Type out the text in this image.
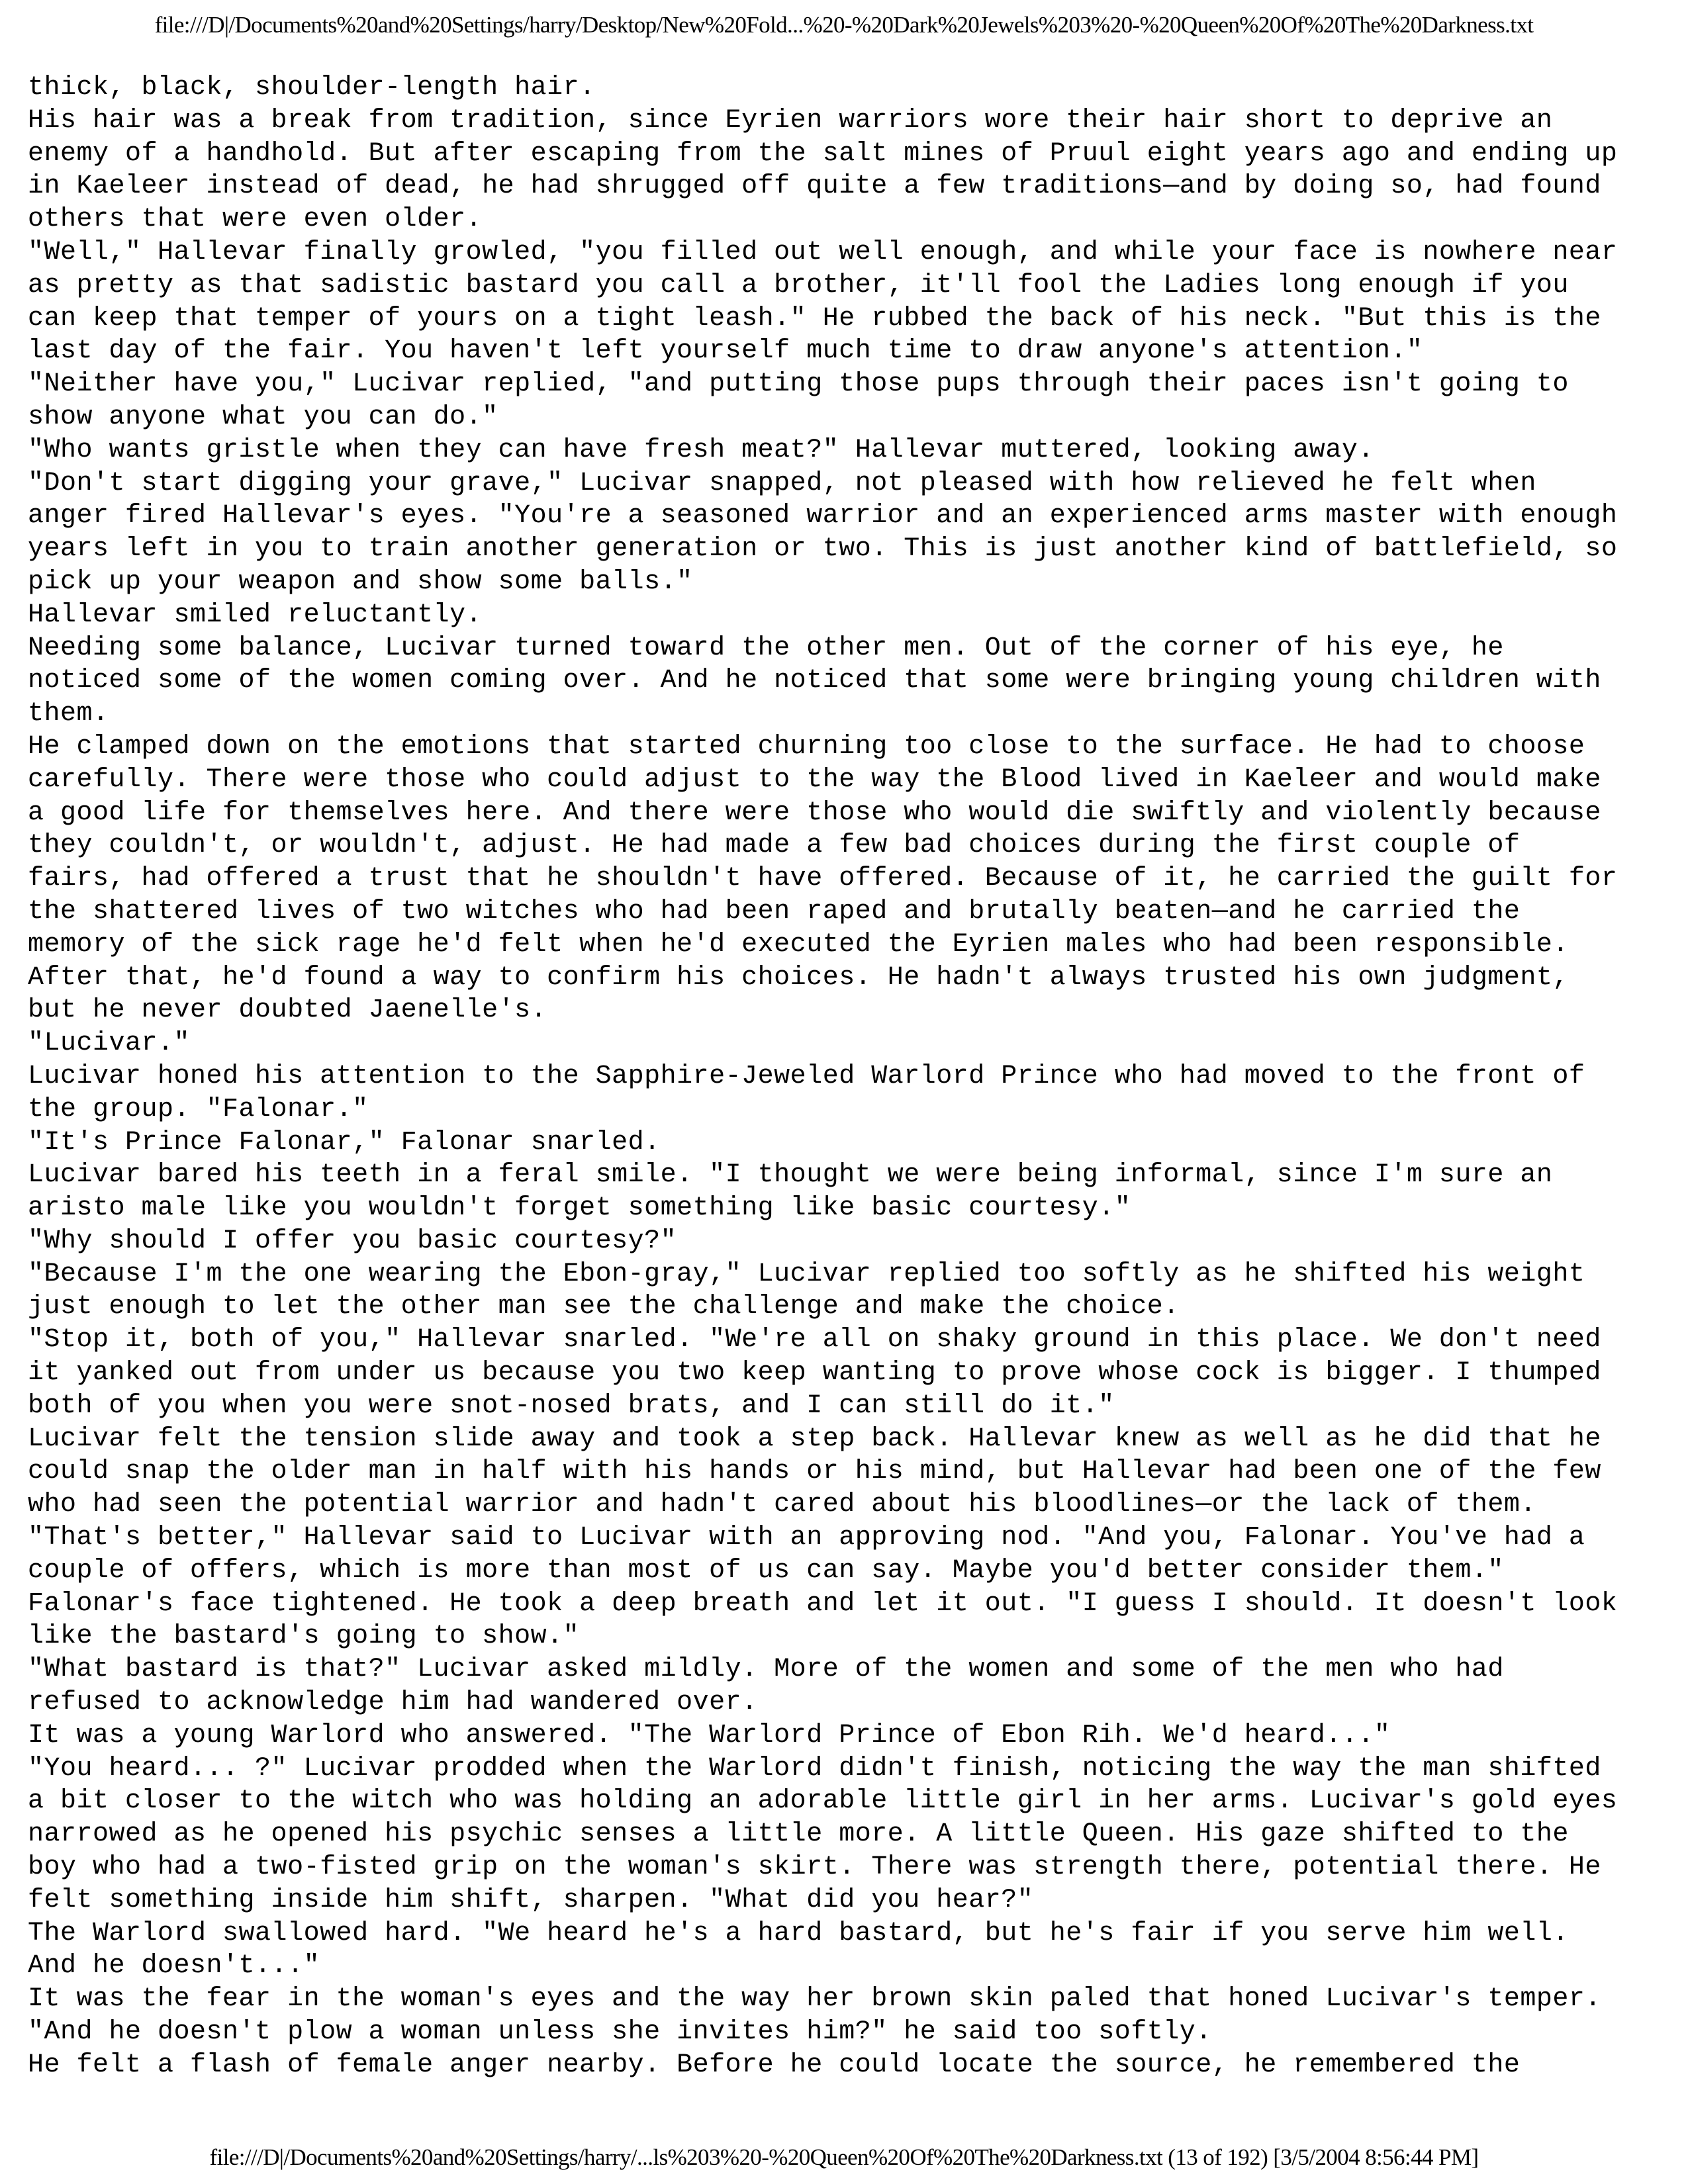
file:///D|/Documents%20and%20Settings/harry/Desktop/New%20Fold...%20-%20Dark%20Jewels%203%20-%20Queen%20Of%20The%20Darkness.txt
thick, black, shoulder-length hair.
His hair was a break from tradition, since Eyrien warriors wore their hair short to deprive an
enemy of a handhold. But after escaping from the salt mines of Pruul eight years ago and ending up
in Kaeleer instead of dead, he had shrugged off quite a few traditions—and by doing so, had found
others that were even older.
"Well," Hallevar finally growled, "you filled out well enough, and while your face is nowhere near
as pretty as that sadistic bastard you call a brother, it'll fool the Ladies long enough if you
can keep that temper of yours on a tight leash." He rubbed the back of his neck. "But this is the
last day of the fair. You haven't left yourself much time to draw anyone's attention."
"Neither have you," Lucivar replied, "and putting those pups through their paces isn't going to
show anyone what you can do."
"Who wants gristle when they can have fresh meat?" Hallevar muttered, looking away.
"Don't start digging your grave," Lucivar snapped, not pleased with how relieved he felt when
anger fired Hallevar's eyes. "You're a seasoned warrior and an experienced arms master with enough
years left in you to train another generation or two. This is just another kind of battlefield, so
pick up your weapon and show some balls."
Hallevar smiled reluctantly.
Needing some balance, Lucivar turned toward the other men. Out of the corner of his eye, he
noticed some of the women coming over. And he noticed that some were bringing young children with
them.
He clamped down on the emotions that started churning too close to the surface. He had to choose
carefully. There were those who could adjust to the way the Blood lived in Kaeleer and would make
a good life for themselves here. And there were those who would die swiftly and violently because
they couldn't, or wouldn't, adjust. He had made a few bad choices during the first couple of
fairs, had offered a trust that he shouldn't have offered. Because of it, he carried the guilt for
the shattered lives of two witches who had been raped and brutally beaten—and he carried the
memory of the sick rage he'd felt when he'd executed the Eyrien males who had been responsible.
After that, he'd found a way to confirm his choices. He hadn't always trusted his own judgment,
but he never doubted Jaenelle's.
"Lucivar."
Lucivar honed his attention to the Sapphire-Jeweled Warlord Prince who had moved to the front of
the group. "Falonar."
"It's Prince Falonar," Falonar snarled.
Lucivar bared his teeth in a feral smile. "I thought we were being informal, since I'm sure an
aristo male like you wouldn't forget something like basic courtesy."
"Why should I offer you basic courtesy?"
"Because I'm the one wearing the Ebon-gray," Lucivar replied too softly as he shifted his weight
just enough to let the other man see the challenge and make the choice.
"Stop it, both of you," Hallevar snarled. "We're all on shaky ground in this place. We don't need
it yanked out from under us because you two keep wanting to prove whose cock is bigger. I thumped
both of you when you were snot-nosed brats, and I can still do it."
Lucivar felt the tension slide away and took a step back. Hallevar knew as well as he did that he
could snap the older man in half with his hands or his mind, but Hallevar had been one of the few
who had seen the potential warrior and hadn't cared about his bloodlines—or the lack of them.
"That's better," Hallevar said to Lucivar with an approving nod. "And you, Falonar. You've had a
couple of offers, which is more than most of us can say. Maybe you'd better consider them."
Falonar's face tightened. He took a deep breath and let it out. "I guess I should. It doesn't look
like the bastard's going to show."
"What bastard is that?" Lucivar asked mildly. More of the women and some of the men who had
refused to acknowledge him had wandered over.
It was a young Warlord who answered. "The Warlord Prince of Ebon Rih. We'd heard..."
"You heard... ?" Lucivar prodded when the Warlord didn't finish, noticing the way the man shifted
a bit closer to the witch who was holding an adorable little girl in her arms. Lucivar's gold eyes
narrowed as he opened his psychic senses a little more. A little Queen. His gaze shifted to the
boy who had a two-fisted grip on the woman's skirt. There was strength there, potential there. He
felt something inside him shift, sharpen. "What did you hear?"
The Warlord swallowed hard. "We heard he's a hard bastard, but he's fair if you serve him well.
And he doesn't..."
It was the fear in the woman's eyes and the way her brown skin paled that honed Lucivar's temper.
"And he doesn't plow a woman unless she invites him?" he said too softly.
He felt a flash of female anger nearby. Before he could locate the source, he remembered the
file:///D|/Documents%20and%20Settings/harry/...ls%203%20-%20Queen%20Of%20The%20Darkness.txt (13 of 192) [3/5/2004 8:56:44 PM]
